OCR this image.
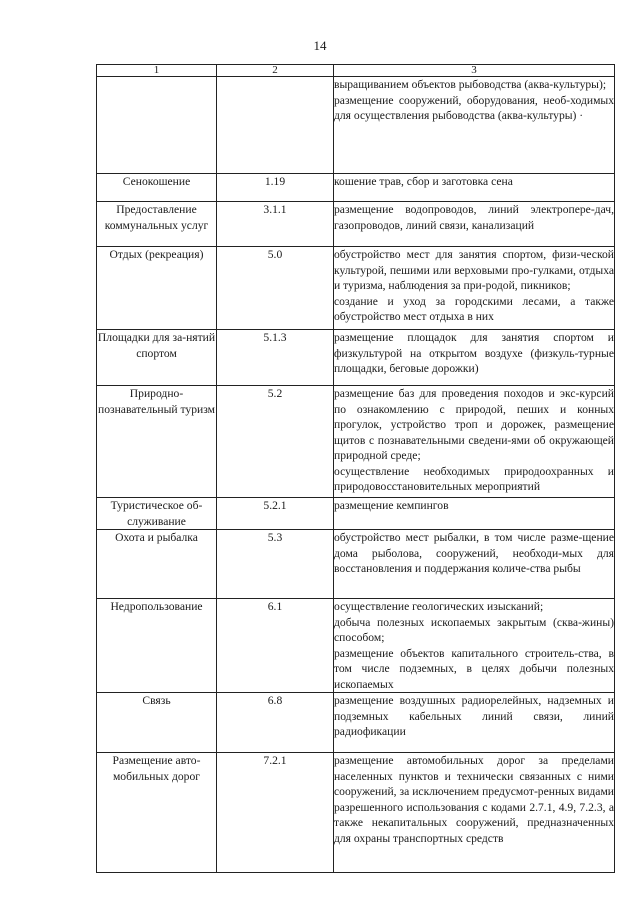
14
1	2	3

		выращиванием объектов рыбоводства (аква-культуры);
размещение сооружений, оборудования, необ-ходимых для осуществления рыбоводства (аква-культуры) ·

Сенокошение	1.19	кошение трав, сбор и заготовка сена

Предоставление коммунальных услуг	3.1.1	размещение водопроводов, линий электропере-дач, газопроводов, линий связи, канализаций

Отдых (рекреация)	5.0	обустройство мест для занятия спортом, физи-ческой культурой, пешими или верховыми про-гулками, отдыха и туризма, наблюдения за при-родой, пикников;
создание и уход за городскими лесами, а также обустройство мест отдыха в них

Площадки для за-нятий спортом	5.1.3	размещение площадок для занятия спортом и физкультурой на открытом воздухе (физкуль-турные площадки, беговые дорожки)

Природно-познавательный туризм	5.2	размещение баз для проведения походов и экс-курсий по ознакомлению с природой, пеших и конных прогулок, устройство троп и дорожек, размещение щитов с познавательными сведени-ями об окружающей природной среде;
осуществление необходимых природоохранных и природовосстановительных мероприятий

Туристическое об-служивание	5.2.1	размещение кемпингов

Охота и рыбалка	5.3	обустройство мест рыбалки, в том числе разме-щение дома рыболова, сооружений, необходи-мых для восстановления и поддержания количе-ства рыбы

Недропользование	6.1	осуществление геологических изысканий;
добыча полезных ископаемых закрытым (сква-жины) способом;
размещение объектов капитального строитель-ства, в том числе подземных, в целях добычи полезных ископаемых

Связь	6.8	размещение воздушных радиорелейных, надземных и подземных кабельных линий связи, линий радиофикации

Размещение авто-мобильных дорог	7.2.1	размещение автомобильных дорог за пределами населенных пунктов и технически связанных с ними сооружений, за исключением предусмот-ренных видами разрешенного использования с кодами 2.7.1, 4.9, 7.2.3, а также некапитальных сооружений, предназначенных для охраны транспортных средств
